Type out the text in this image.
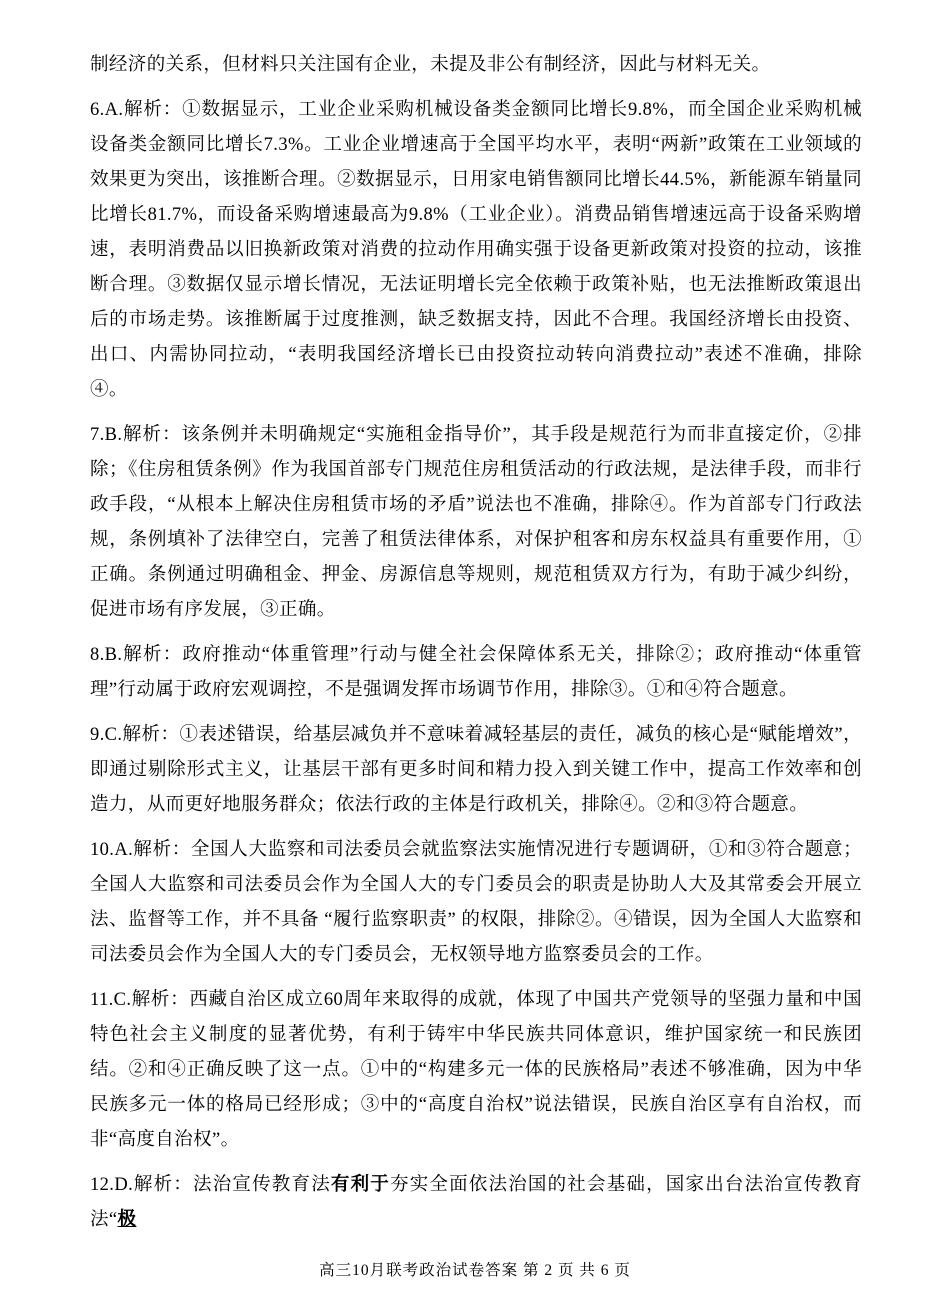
制经济的关系，但材料只关注国有企业，未提及非公有制经济，因此与材料无关。

6.A.解析：①数据显示，工业企业采购机械设备类金额同比增长9.8%，而全国企业采购机械设备类金额同比增长7.3%。工业企业增速高于全国平均水平，表明“两新”政策在工业领域的效果更为突出，该推断合理。②数据显示，日用家电销售额同比增长44.5%，新能源车销量同比增长81.7%，而设备采购增速最高为9.8%（工业企业）。消费品销售增速远高于设备采购增速，表明消费品以旧换新政策对消费的拉动作用确实强于设备更新政策对投资的拉动，该推断合理。③数据仅显示增长情况，无法证明增长完全依赖于政策补贴，也无法推断政策退出后的市场走势。该推断属于过度推测，缺乏数据支持，因此不合理。我国经济增长由投资、出口、内需协同拉动，“表明我国经济增长已由投资拉动转向消费拉动”表述不准确，排除④。

7.B.解析：该条例并未明确规定“实施租金指导价”，其手段是规范行为而非直接定价，②排除；《住房租赁条例》作为我国首部专门规范住房租赁活动的行政法规，是法律手段，而非行政手段，“从根本上解决住房租赁市场的矛盾”说法也不准确，排除④。作为首部专门行政法规，条例填补了法律空白，完善了租赁法律体系，对保护租客和房东权益具有重要作用，①正确。条例通过明确租金、押金、房源信息等规则，规范租赁双方行为，有助于减少纠纷，促进市场有序发展，③正确。

8.B.解析：政府推动“体重管理”行动与健全社会保障体系无关，排除②；政府推动“体重管理”行动属于政府宏观调控，不是强调发挥市场调节作用，排除③。①和④符合题意。

9.C.解析：①表述错误，给基层减负并不意味着减轻基层的责任，减负的核心是“赋能增效”，即通过剔除形式主义，让基层干部有更多时间和精力投入到关键工作中，提高工作效率和创造力，从而更好地服务群众；依法行政的主体是行政机关，排除④。②和③符合题意。

10.A.解析：全国人大监察和司法委员会就监察法实施情况进行专题调研，①和③符合题意；全国人大监察和司法委员会作为全国人大的专门委员会的职责是协助人大及其常委会开展立法、监督等工作，并不具备 “履行监察职责” 的权限，排除②。④错误，因为全国人大监察和司法委员会作为全国人大的专门委员会，无权领导地方监察委员会的工作。

11.C.解析：西藏自治区成立60周年来取得的成就，体现了中国共产党领导的坚强力量和中国特色社会主义制度的显著优势，有利于铸牢中华民族共同体意识，维护国家统一和民族团结。②和④正确反映了这一点。①中的“构建多元一体的民族格局”表述不够准确，因为中华民族多元一体的格局已经形成；③中的“高度自治权”说法错误，民族自治区享有自治权，而非“高度自治权”。

12.D.解析：法治宣传教育法有利于夯实全面依法治国的社会基础，国家出台法治宣传教育法“极

高三10月联考政治试卷答案 第 2 页 共 6 页
